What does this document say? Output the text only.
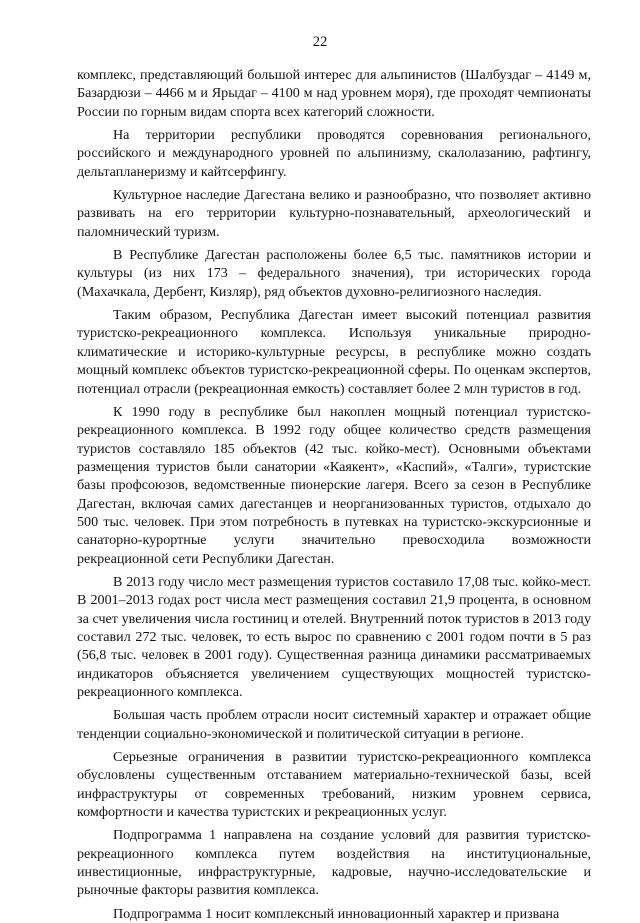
22

комплекс, представляющий большой интерес для альпинистов (Шалбуздаг – 4149 м, Базардюзи – 4466 м и Ярыдаг – 4100 м над уровнем моря), где проходят чемпионаты России по горным видам спорта всех категорий сложности.

На территории республики проводятся соревнования регионального, российского и международного уровней по альпинизму, скалолазанию, рафтингу, дельтапланеризму и кайтсерфингу.

Культурное наследие Дагестана велико и разнообразно, что позволяет активно развивать на его территории культурно-познавательный, археологический и паломнический туризм.

В Республике Дагестан расположены более 6,5 тыс. памятников истории и культуры (из них 173 – федерального значения), три исторических города (Махачкала, Дербент, Кизляр), ряд объектов духовно-религиозного наследия.

Таким образом, Республика Дагестан имеет высокий потенциал развития туристско-рекреационного комплекса. Используя уникальные природно-климатические и историко-культурные ресурсы, в республике можно создать мощный комплекс объектов туристско-рекреационной сферы. По оценкам экспертов, потенциал отрасли (рекреационная емкость) составляет более 2 млн туристов в год.

К 1990 году в республике был накоплен мощный потенциал туристско-рекреационного комплекса. В 1992 году общее количество средств размещения туристов составляло 185 объектов (42 тыс. койко-мест). Основными объектами размещения туристов были санатории «Каякент», «Каспий», «Талги», туристские базы профсоюзов, ведомственные пионерские лагеря. Всего за сезон в Республике Дагестан, включая самих дагестанцев и неорганизованных туристов, отдыхало до 500 тыс. человек. При этом потребность в путевках на туристско-экскурсионные и санаторно-курортные услуги значительно превосходила возможности рекреационной сети Республики Дагестан.

В 2013 году число мест размещения туристов составило 17,08 тыс. койко-мест. В 2001–2013 годах рост числа мест размещения составил 21,9 процента, в основном за счет увеличения числа гостиниц и отелей. Внутренний поток туристов в 2013 году составил 272 тыс. человек, то есть вырос по сравнению с 2001 годом почти в 5 раз (56,8 тыс. человек в 2001 году). Существенная разница динамики рассматриваемых индикаторов объясняется увеличением существующих мощностей туристско-рекреационного комплекса.

Большая часть проблем отрасли носит системный характер и отражает общие тенденции социально-экономической и политической ситуации в регионе.

Серьезные ограничения в развитии туристско-рекреационного комплекса обусловлены существенным отставанием материально-технической базы, всей инфраструктуры от современных требований, низким уровнем сервиса, комфортности и качества туристских и рекреационных услуг.

Подпрограмма 1 направлена на создание условий для развития туристско-рекреационного комплекса путем воздействия на институциональные, инвестиционные, инфраструктурные, кадровые, научно-исследовательские и рыночные факторы развития комплекса.

Подпрограмма 1 носит комплексный инновационный характер и призвана
